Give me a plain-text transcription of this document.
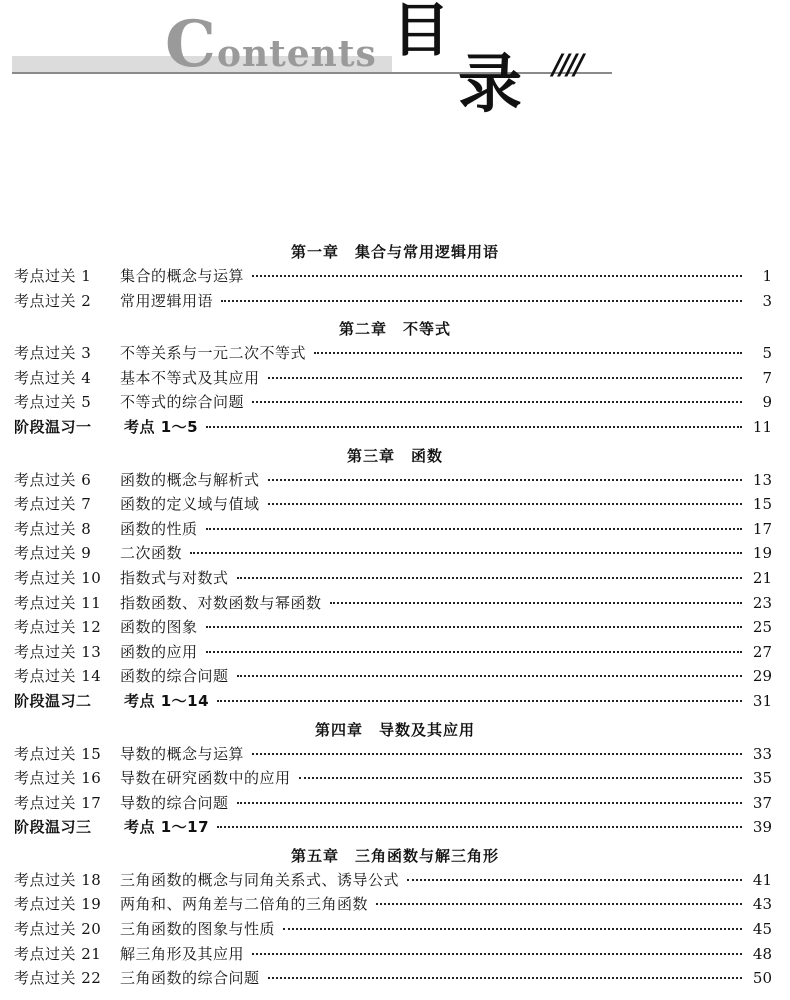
Contents 目
录 ////
第一章　集合与常用逻辑用语
考点过关 1	集合的概念与运算	1
考点过关 2	常用逻辑用语	3
第二章　不等式
考点过关 3	不等关系与一元二次不等式	5
考点过关 4	基本不等式及其应用	7
考点过关 5	不等式的综合问题	9
阶段温习一	考点 1～5	11
第三章　函数
考点过关 6	函数的概念与解析式	13
考点过关 7	函数的定义域与值域	15
考点过关 8	函数的性质	17
考点过关 9	二次函数	19
考点过关 10	指数式与对数式	21
考点过关 11	指数函数、对数函数与幂函数	23
考点过关 12	函数的图象	25
考点过关 13	函数的应用	27
考点过关 14	函数的综合问题	29
阶段温习二	考点 1～14	31
第四章　导数及其应用
考点过关 15	导数的概念与运算	33
考点过关 16	导数在研究函数中的应用	35
考点过关 17	导数的综合问题	37
阶段温习三	考点 1～17	39
第五章　三角函数与解三角形
考点过关 18	三角函数的概念与同角关系式、诱导公式	41
考点过关 19	两角和、两角差与二倍角的三角函数	43
考点过关 20	三角函数的图象与性质	45
考点过关 21	解三角形及其应用	48
考点过关 22	三角函数的综合问题	50
